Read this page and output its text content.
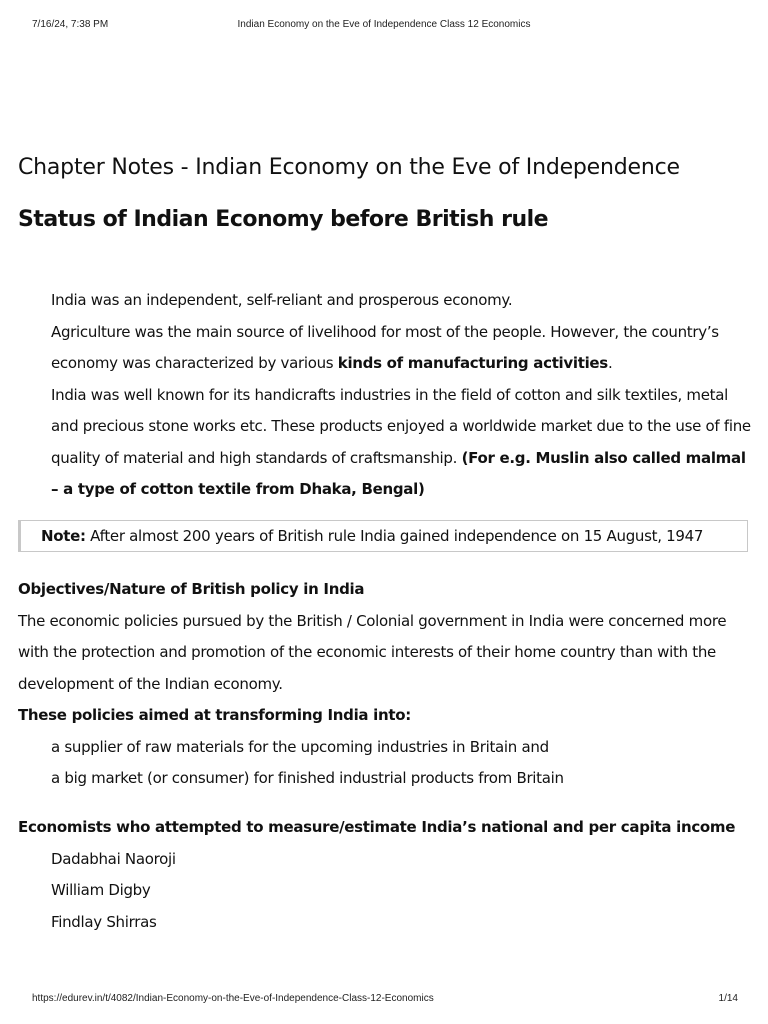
7/16/24, 7:38 PM	Indian Economy on the Eve of Independence Class 12 Economics
Chapter Notes - Indian Economy on the Eve of Independence
Status of Indian Economy before British rule

India was an independent, self-reliant and prosperous economy.

Agriculture was the main source of livelihood for most of the people. However, the country’s economy was characterized by various kinds of manufacturing activities.

India was well known for its handicrafts industries in the field of cotton and silk textiles, metal and precious stone works etc. These products enjoyed a worldwide market due to the use of fine quality of material and high standards of craftsmanship. (For e.g. Muslin also called malmal – a type of cotton textile from Dhaka, Bengal)

Note: After almost 200 years of British rule India gained independence on 15 August, 1947

Objectives/Nature of British policy in India

The economic policies pursued by the British / Colonial government in India were concerned more with the protection and promotion of the economic interests of their home country than with the development of the Indian economy.

These policies aimed at transforming India into:

a supplier of raw materials for the upcoming industries in Britain and

a big market (or consumer) for finished industrial products from Britain

Economists who attempted to measure/estimate India’s national and per capita income

Dadabhai Naoroji

William Digby

Findlay Shirras

https://edurev.in/t/4082/Indian-Economy-on-the-Eve-of-Independence-Class-12-Economics	1/14
